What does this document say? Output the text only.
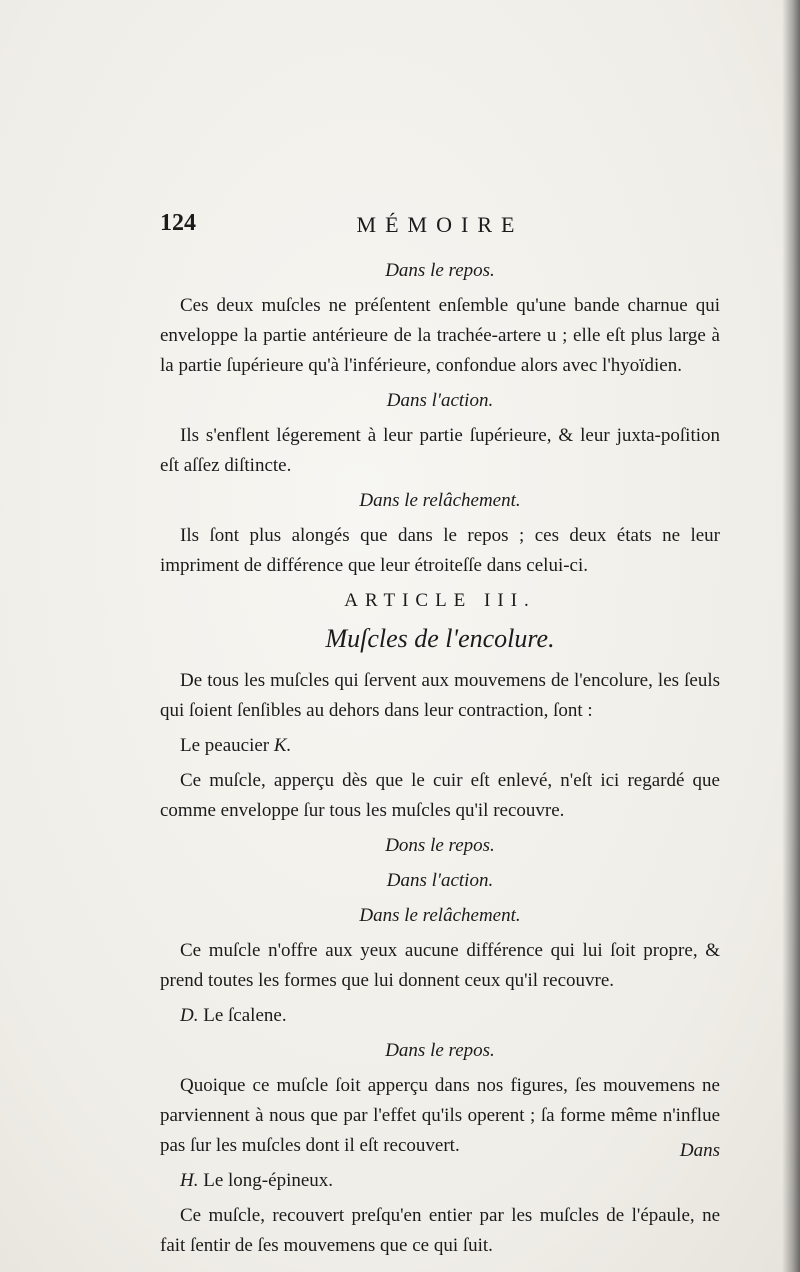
124	MÉMOIRE
Dans le repos.

Ces deux muſcles ne préſentent enſemble qu'une bande charnue qui enveloppe la partie antérieure de la trachée-artere u ; elle eſt plus large à la partie ſupérieure qu'à l'inférieure, confondue alors avec l'hyoïdien.

Dans l'action.

Ils s'enflent légerement à leur partie ſupérieure, & leur juxta-poſition eſt aſſez diſtincte.

Dans le relâchement.

Ils ſont plus alongés que dans le repos ; ces deux états ne leur impriment de différence que leur étroiteſſe dans celui-ci.

ARTICLE III.
Muſcles de l'encolure.

De tous les muſcles qui ſervent aux mouvemens de l'encolure, les ſeuls qui ſoient ſenſibles au dehors dans leur contraction, ſont :

Le peaucier K.

Ce muſcle, apperçu dès que le cuir eſt enlevé, n'eſt ici regardé que comme enveloppe ſur tous les muſcles qu'il recouvre.

Dons le repos.
Dans l'action.
Dans le relâchement.

Ce muſcle n'offre aux yeux aucune différence qui lui ſoit propre, & prend toutes les formes que lui donnent ceux qu'il recouvre.

D. Le ſcalene.

Dans le repos.

Quoique ce muſcle ſoit apperçu dans nos figures, ſes mouvemens ne parviennent à nous que par l'effet qu'ils operent ; ſa forme même n'influe pas ſur les muſcles dont il eſt recouvert.

H. Le long-épineux.

Ce muſcle, recouvert preſqu'en entier par les muſcles de l'épaule, ne fait ſentir de ſes mouvemens que ce qui ſuit.

Dans
